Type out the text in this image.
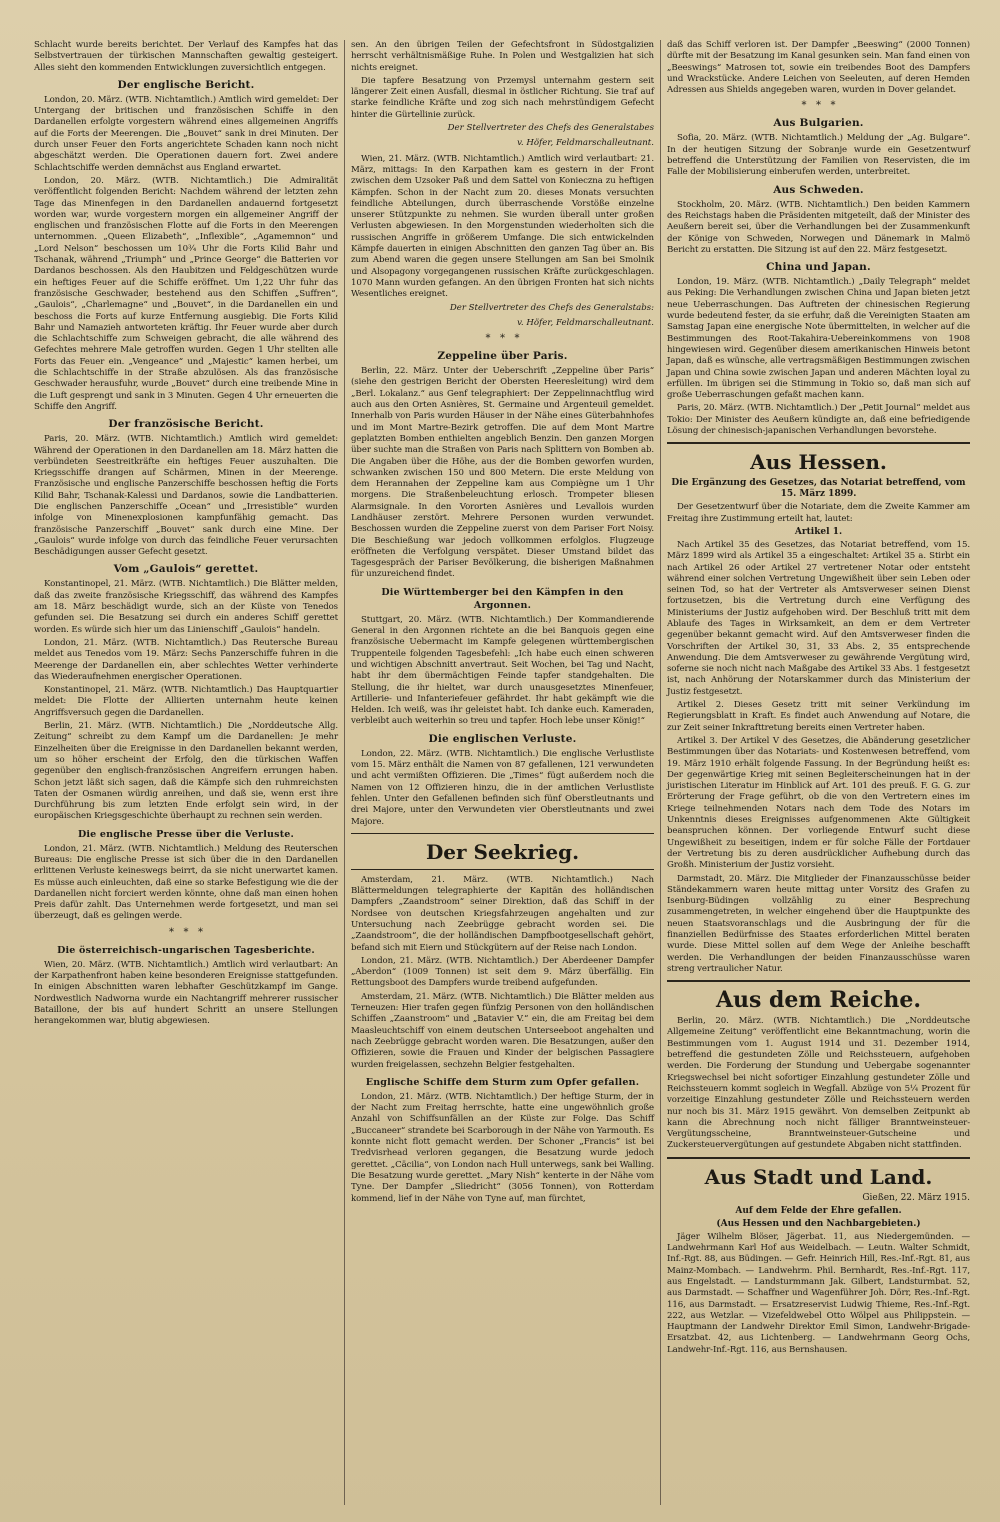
Schlacht wurde bereits berichtet. Der Verlauf des Kampfes hat das Selbstvertrauen der türkischen Mannschaften gewaltig gesteigert. Alles sieht den kommenden Entwicklungen zuversichtlich entgegen.

Der englische Bericht.

London, 20. März. (WTB. Nichtamtlich.) Amtlich wird gemeldet: Der Untergang der britischen und französischen Schiffe in den Dardanellen erfolgte vorgestern während eines allgemeinen Angriffs auf die Forts der Meerengen. Die „Bouvet“ sank in drei Minuten. Der durch unser Feuer den Forts angerichtete Schaden kann noch nicht abgeschätzt werden. Die Operationen dauern fort. Zwei andere Schlachtschiffe werden demnächst aus England erwartet.

London, 20. März. (WTB. Nichtamtlich.) Die Admiralität veröffentlicht folgenden Bericht: Nachdem während der letzten zehn Tage das Minenfegen in den Dardanellen andauernd fortgesetzt worden war, wurde vorgestern morgen ein allgemeiner Angriff der englischen und französischen Flotte auf die Forts in den Meerengen unternommen. „Queen Elizabeth“, „Inflexible“, „Agamemnon“ und „Lord Nelson“ beschossen um 10¾ Uhr die Forts Kilid Bahr und Tschanak, während „Triumph“ und „Prince George“ die Batterien vor Dardanos beschossen. Als den Haubitzen und Feldgeschützen wurde ein heftiges Feuer auf die Schiffe eröffnet. Um 1,22 Uhr fuhr das französische Geschwader, bestehend aus den Schiffen „Suffren“, „Gaulois“, „Charlemagne“ und „Bouvet“, in die Dardanellen ein und beschoss die Forts auf kurze Entfernung ausgiebig. Die Forts Kilid Bahr und Namazieh antworteten kräftig. Ihr Feuer wurde aber durch die Schlachtschiffe zum Schweigen gebracht, die alle während des Gefechtes mehrere Male getroffen wurden. Gegen 1 Uhr stellten alle Forts das Feuer ein. „Vengeance“ und „Majestic“ kamen herbei, um die Schlachtschiffe in der Straße abzulösen. Als das französische Geschwader herausfuhr, wurde „Bouvet“ durch eine treibende Mine in die Luft gesprengt und sank in 3 Minuten. Gegen 4 Uhr erneuerten die Schiffe den Angriff.

Der französische Bericht.

Paris, 20. März. (WTB. Nichtamtlich.) Amtlich wird gemeldet: Während der Operationen in den Dardanellen am 18. März hatten die verbündeten Seestreitkräfte ein heftiges Feuer auszuhalten. Die Kriegsschiffe drangen auf Schärmen, Minen in der Meerenge. Französische und englische Panzerschiffe beschossen heftig die Forts Kilid Bahr, Tschanak-Kalessi und Dardanos, sowie die Landbatterien. Die englischen Panzerschiffe „Ocean“ und „Irresistible“ wurden infolge von Minenexplosionen kampfunfähig gemacht. Das französische Panzerschiff „Bouvet“ sank durch eine Mine. Der „Gaulois“ wurde infolge von durch das feindliche Feuer verursachten Beschädigungen ausser Gefecht gesetzt.

Vom „Gaulois“ gerettet.

Konstantinopel, 21. März. (WTB. Nichtamtlich.) Die Blätter melden, daß das zweite französische Kriegsschiff, das während des Kampfes am 18. März beschädigt wurde, sich an der Küste von Tenedos gefunden sei. Die Besatzung sei durch ein anderes Schiff gerettet worden. Es würde sich hier um das Linienschiff „Gaulois“ handeln.

London, 21. März. (WTB. Nichtamtlich.) Das Reutersche Bureau meldet aus Tenedos vom 19. März: Sechs Panzerschiffe fuhren in die Meerenge der Dardanellen ein, aber schlechtes Wetter verhinderte das Wiederaufnehmen energischer Operationen.

Konstantinopel, 21. März. (WTB. Nichtamtlich.) Das Hauptquartier meldet: Die Flotte der Alliierten unternahm heute keinen Angriffsversuch gegen die Dardanellen.

Berlin, 21. März. (WTB. Nichtamtlich.) Die „Norddeutsche Allg. Zeitung“ schreibt zu dem Kampf um die Dardanellen: Je mehr Einzelheiten über die Ereignisse in den Dardanellen bekannt werden, um so höher erscheint der Erfolg, den die türkischen Waffen gegenüber den englisch-französischen Angreifern errungen haben. Schon jetzt läßt sich sagen, daß die Kämpfe sich den ruhmreichsten Taten der Osmanen würdig anreihen, und daß sie, wenn erst ihre Durchführung bis zum letzten Ende erfolgt sein wird, in der europäischen Kriegsgeschichte überhaupt zu rechnen sein werden.

Die englische Presse über die Verluste.

London, 21. März. (WTB. Nichtamtlich.) Meldung des Reuterschen Bureaus: Die englische Presse ist sich über die in den Dardanellen erlittenen Verluste keineswegs beirrt, da sie nicht unerwartet kamen. Es müsse auch einleuchten, daß eine so starke Befestigung wie die der Dardanellen nicht forciert werden könnte, ohne daß man einen hohen Preis dafür zahlt. Das Unternehmen werde fortgesetzt, und man sei überzeugt, daß es gelingen werde.

*   *   *
Die österreichisch-ungarischen Tagesberichte.

Wien, 20. März. (WTB. Nichtamtlich.) Amtlich wird verlautbart: An der Karpathenfront haben keine besonderen Ereignisse stattgefunden. In einigen Abschnitten waren lebhafter Geschützkampf im Gange. Nordwestlich Nadworna wurde ein Nachtangriff mehrerer russischer Bataillone, der bis auf hundert Schritt an unsere Stellungen herangekommen war, blutig abgewiesen.

sen. An den übrigen Teilen der Gefechtsfront in Südostgalizien herrscht verhältnismäßige Ruhe. In Polen und Westgalizien hat sich nichts ereignet.

Die tapfere Besatzung von Przemysl unternahm gestern seit längerer Zeit einen Ausfall, diesmal in östlicher Richtung. Sie traf auf starke feindliche Kräfte und zog sich nach mehrstündigem Gefecht hinter die Gürtellinie zurück.

Der Stellvertreter des Chefs des Generalstabes
v. Höfer, Feldmarschalleutnant.

Wien, 21. März. (WTB. Nichtamtlich.) Amtlich wird verlautbart: 21. März, mittags: In den Karpathen kam es gestern in der Front zwischen dem Uzsoker Paß und dem Sattel von Konieczna zu heftigen Kämpfen. Schon in der Nacht zum 20. dieses Monats versuchten feindliche Abteilungen, durch überraschende Vorstöße einzelne unserer Stützpunkte zu nehmen. Sie wurden überall unter großen Verlusten abgewiesen. In den Morgenstunden wiederholten sich die russischen Angriffe in größerem Umfange. Die sich entwickelnden Kämpfe dauerten in einigen Abschnitten den ganzen Tag über an. Bis zum Abend waren die gegen unsere Stellungen am San bei Smolnik und Alsopagony vorgegangenen russischen Kräfte zurückgeschlagen. 1070 Mann wurden gefangen. An den übrigen Fronten hat sich nichts Wesentliches ereignet.

Der Stellvertreter des Chefs des Generalstabs:
v. Höfer, Feldmarschalleutnant.
*   *   *
Zeppeline über Paris.

Berlin, 22. März. Unter der Ueberschrift „Zeppeline über Paris“ (siehe den gestrigen Bericht der Obersten Heeresleitung) wird dem „Berl. Lokalanz.“ aus Genf telegraphiert: Der Zeppelinnachtflug wird auch aus den Orten Asnières, St. Germaine und Argenteuil gemeldet. Innerhalb von Paris wurden Häuser in der Nähe eines Güterbahnhofes und im Mont Martre-Bezirk getroffen. Die auf dem Mont Martre geplatzten Bomben enthielten angeblich Benzin. Den ganzen Morgen über suchte man die Straßen von Paris nach Splittern von Bomben ab. Die Angaben über die Höhe, aus der die Bomben geworfen wurden, schwanken zwischen 150 und 800 Metern. Die erste Meldung von dem Herannahen der Zeppeline kam aus Compiègne um 1 Uhr morgens. Die Straßenbeleuchtung erlosch. Trompeter bliesen Alarmsignale. In den Vororten Asnières und Levallois wurden Landhäuser zerstört. Mehrere Personen wurden verwundet. Beschossen wurden die Zeppeline zuerst von dem Pariser Fort Noisy. Die Beschießung war jedoch vollkommen erfolglos. Flugzeuge eröffneten die Verfolgung verspätet. Dieser Umstand bildet das Tagesgespräch der Pariser Bevölkerung, die bisherigen Maßnahmen für unzureichend findet.

Die Württemberger bei den Kämpfen in den Argonnen.

Stuttgart, 20. März. (WTB. Nichtamtlich.) Der Kommandierende General in den Argonnen richtete an die bei Banquois gegen eine französische Uebermacht im Kampfe gelegenen württembergischen Truppenteile folgenden Tagesbefehl: „Ich habe euch einen schweren und wichtigen Abschnitt anvertraut. Seit Wochen, bei Tag und Nacht, habt ihr dem übermächtigen Feinde tapfer standgehalten. Die Stellung, die ihr hieltet, war durch unausgesetztes Minenfeuer, Artillerie- und Infanteriefeuer gefährdet. Ihr habt gekämpft wie die Helden. Ich weiß, was ihr geleistet habt. Ich danke euch. Kameraden, verbleibt auch weiterhin so treu und tapfer. Hoch lebe unser König!“

Die englischen Verluste.

London, 22. März. (WTB. Nichtamtlich.) Die englische Verlustliste vom 15. März enthält die Namen von 87 gefallenen, 121 verwundeten und acht vermißten Offizieren. Die „Times“ fügt außerdem noch die Namen von 12 Offizieren hinzu, die in der amtlichen Verlustliste fehlen. Unter den Gefallenen befinden sich fünf Oberstleutnants und drei Majore, unter den Verwundeten vier Oberstleutnants und zwei Majore.

Der Seekrieg.

Amsterdam, 21. März. (WTB. Nichtamtlich.) Nach Blättermeldungen telegraphierte der Kapitän des holländischen Dampfers „Zaandstroom“ seiner Direktion, daß das Schiff in der Nordsee von deutschen Kriegsfahrzeugen angehalten und zur Untersuchung nach Zeebrügge gebracht worden sei. Die „Zaandstroom“, die der holländischen Dampfbootgesellschaft gehört, befand sich mit Eiern und Stückgütern auf der Reise nach London.

London, 21. März. (WTB. Nichtamtlich.) Der Aberdeener Dampfer „Aberdon“ (1009 Tonnen) ist seit dem 9. März überfällig. Ein Rettungsboot des Dampfers wurde treibend aufgefunden.

Amsterdam, 21. März. (WTB. Nichtamtlich.) Die Blätter melden aus Terneuzen: Hier trafen gegen fünfzig Personen von den holländischen Schiffen „Zaanstroom“ und „Batavier V.“ ein, die am Freitag bei dem Maasleuchtschiff von einem deutschen Unterseeboot angehalten und nach Zeebrügge gebracht worden waren. Die Besatzungen, außer den Offizieren, sowie die Frauen und Kinder der belgischen Passagiere wurden freigelassen, sechzehn Belgier festgehalten.

Englische Schiffe dem Sturm zum Opfer gefallen.

London, 21. März. (WTB. Nichtamtlich.) Der heftige Sturm, der in der Nacht zum Freitag herrschte, hatte eine ungewöhnlich große Anzahl von Schiffsunfällen an der Küste zur Folge. Das Schiff „Buccaneer“ strandete bei Scarborough in der Nähe von Yarmouth. Es konnte nicht flott gemacht werden. Der Schoner „Francis“ ist bei Tredvisrhead verloren gegangen, die Besatzung wurde jedoch gerettet. „Cäcilia“, von London nach Hull unterwegs, sank bei Walling. Die Besatzung wurde gerettet. „Mary Nish“ kenterte in der Nähe vom Tyne. Der Dampfer „Sliedricht“ (3056 Tonnen), von Rotterdam kommend, lief in der Nähe von Tyne auf, man fürchtet,

daß das Schiff verloren ist. Der Dampfer „Beeswing“ (2000 Tonnen) dürfte mit der Besatzung im Kanal gesunken sein. Man fand einen von „Beeswings“ Matrosen tot, sowie ein treibendes Boot des Dampfers und Wrackstücke. Andere Leichen von Seeleuten, auf deren Hemden Adressen aus Shields angegeben waren, wurden in Dover gelandet.

*   *   *
Aus Bulgarien.

Sofia, 20. März. (WTB. Nichtamtlich.) Meldung der „Ag. Bulgare“. In der heutigen Sitzung der Sobranje wurde ein Gesetzentwurf betreffend die Unterstützung der Familien von Reservisten, die im Falle der Mobilisierung einberufen werden, unterbreitet.

Aus Schweden.

Stockholm, 20. März. (WTB. Nichtamtlich.) Den beiden Kammern des Reichstags haben die Präsidenten mitgeteilt, daß der Minister des Aeußern bereit sei, über die Verhandlungen bei der Zusammenkunft der Könige von Schweden, Norwegen und Dänemark in Malmö Bericht zu erstatten. Die Sitzung ist auf den 22. März festgesetzt.

China und Japan.

London, 19. März. (WTB. Nichtamtlich.) „Daily Telegraph“ meldet aus Peking: Die Verhandlungen zwischen China und Japan bieten jetzt neue Ueberraschungen. Das Auftreten der chinesischen Regierung wurde bedeutend fester, da sie erfuhr, daß die Vereinigten Staaten am Samstag Japan eine energische Note übermittelten, in welcher auf die Bestimmungen des Root-Takahira-Uebereinkommens von 1908 hingewiesen wird. Gegenüber diesem amerikanischen Hinweis betont Japan, daß es wünsche, alle vertragsmäßigen Bestimmungen zwischen Japan und China sowie zwischen Japan und anderen Mächten loyal zu erfüllen. Im übrigen sei die Stimmung in Tokio so, daß man sich auf große Ueberraschungen gefaßt machen kann.

Paris, 20. März. (WTB. Nichtamtlich.) Der „Petit Journal“ meldet aus Tokio: Der Minister des Aeußern kündigte an, daß eine befriedigende Lösung der chinesisch-japanischen Verhandlungen bevorstehe.

Aus Hessen.
Die Ergänzung des Gesetzes, das Notariat betreffend, vom 15. März 1899.

Der Gesetzentwurf über die Notariate, dem die Zweite Kammer am Freitag ihre Zustimmung erteilt hat, lautet:

Artikel 1.

Nach Artikel 35 des Gesetzes, das Notariat betreffend, vom 15. März 1899 wird als Artikel 35 a eingeschaltet: Artikel 35 a. Stirbt ein nach Artikel 26 oder Artikel 27 vertretener Notar oder entsteht während einer solchen Vertretung Ungewißheit über sein Leben oder seinen Tod, so hat der Vertreter als Amtsverweser seinen Dienst fortzusetzen, bis die Vertretung durch eine Verfügung des Ministeriums der Justiz aufgehoben wird. Der Beschluß tritt mit dem Ablaufe des Tages in Wirksamkeit, an dem er dem Vertreter gegenüber bekannt gemacht wird. Auf den Amtsverweser finden die Vorschriften der Artikel 30, 31, 33 Abs. 2, 35 entsprechende Anwendung. Die dem Amtsverweser zu gewährende Vergütung wird, soferne sie noch nicht nach Maßgabe des Artikel 33 Abs. 1 festgesetzt ist, nach Anhörung der Notarskammer durch das Ministerium der Justiz festgesetzt.

Artikel 2. Dieses Gesetz tritt mit seiner Verkündung im Regierungsblatt in Kraft. Es findet auch Anwendung auf Notare, die zur Zeit seiner Inkrafttretung bereits einen Vertreter haben.

Artikel 3. Der Artikel V des Gesetzes, die Abänderung gesetzlicher Bestimmungen über das Notariats- und Kostenwesen betreffend, vom 19. März 1910 erhält folgende Fassung. In der Begründung heißt es: Der gegenwärtige Krieg mit seinen Begleiterscheinungen hat in der juristischen Literatur im Hinblick auf Art. 101 des preuß. F. G. G. zur Erörterung der Frage geführt, ob die von den Vertretern eines im Kriege teilnehmenden Notars nach dem Tode des Notars im Unkenntnis dieses Ereignisses aufgenommenen Akte Gültigkeit beanspruchen können. Der vorliegende Entwurf sucht diese Ungewißheit zu beseitigen, indem er für solche Fälle der Fortdauer der Vertretung bis zu deren ausdrücklicher Aufhebung durch das Großh. Ministerium der Justiz vorsieht.

Darmstadt, 20. März. Die Mitglieder der Finanzausschüsse beider Ständekammern waren heute mittag unter Vorsitz des Grafen zu Isenburg-Büdingen vollzählig zu einer Besprechung zusammengetreten, in welcher eingehend über die Hauptpunkte des neuen Staatsvoranschlags und die Ausbringung der für die finanziellen Bedürfnisse des Staates erforderlichen Mittel beraten wurde. Diese Mittel sollen auf dem Wege der Anleihe beschafft werden. Die Verhandlungen der beiden Finanzausschüsse waren streng vertraulicher Natur.

Aus dem Reiche.

Berlin, 20. März. (WTB. Nichtamtlich.) Die „Norddeutsche Allgemeine Zeitung“ veröffentlicht eine Bekanntmachung, worin die Bestimmungen vom 1. August 1914 und 31. Dezember 1914, betreffend die gestundeten Zölle und Reichssteuern, aufgehoben werden. Die Forderung der Stundung und Uebergabe sogenannter Kriegswechsel bei nicht sofortiger Einzahlung gestundeter Zölle und Reichssteuern kommt sogleich in Wegfall. Abzüge von 5¼ Prozent für vorzeitige Einzahlung gestundeter Zölle und Reichssteuern werden nur noch bis 31. März 1915 gewährt. Von demselben Zeitpunkt ab kann die Abrechnung noch nicht fälliger Branntweinsteuer-Vergütungsscheine, Branntweinsteuer-Gutscheine und Zuckersteuervergütungen auf gestundete Abgaben nicht stattfinden.

Aus Stadt und Land.
Gießen, 22. März 1915.
Auf dem Felde der Ehre gefallen.
(Aus Hessen und den Nachbargebieten.)

Jäger Wilhelm Blöser, Jägerbat. 11, aus Niedergemünden. — Landwehrmann Karl Hof aus Weidelbach. — Leutn. Walter Schmidt, Inf.-Rgt. 88, aus Büdingen. — Gefr. Heinrich Hill, Res.-Inf.-Rgt. 81, aus Mainz-Mombach. — Landwehrm. Phil. Bernhardt, Res.-Inf.-Rgt. 117, aus Engelstadt. — Landsturmmann Jak. Gilbert, Landsturmbat. 52, aus Darmstadt. — Schaffner und Wagenführer Joh. Dörr, Res.-Inf.-Rgt. 116, aus Darmstadt. — Ersatzreservist Ludwig Thieme, Res.-Inf.-Rgt. 222, aus Wetzlar. — Vizefeldwebel Otto Wölpel aus Philippstein. — Hauptmann der Landwehr Direktor Emil Simon, Landwehr-Brigade-Ersatzbat. 42, aus Lichtenberg. — Landwehrmann Georg Ochs, Landwehr-Inf.-Rgt. 116, aus Bernshausen.
